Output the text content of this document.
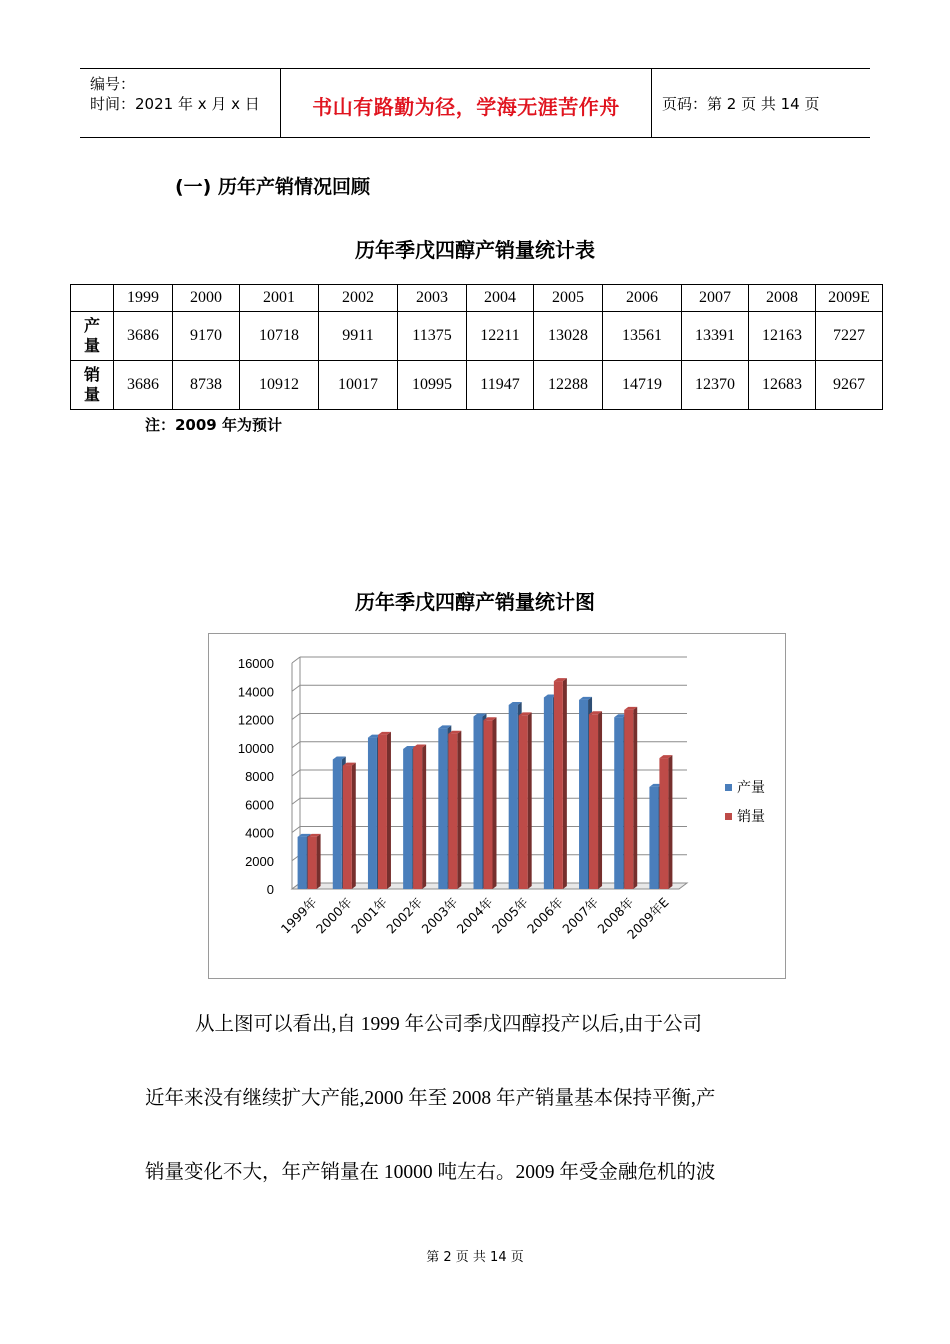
编号：
时间：2021 年 x 月 x 日	书山有路勤为径，学海无涯苦作舟	页码：第 2 页 共 14 页
(一) 历年产销情况回顾
历年季戊四醇产销量统计表
	1999	2000	2001	2002	2003	2004	2005	2006	2007	2008	2009E
产
量	3686	9170	10718	9911	11375	12211	13028	13561	13391	12163	7227
销
量	3686	8738	10912	10017	10995	11947	12288	14719	12370	12683	9267
注：2009 年为预计
历年季戊四醇产销量统计图
0
2000
4000
6000
8000
10000
12000
14000
16000
1999年
2000年
2001年
2002年
2003年
2004年
2005年
2006年
2007年
2008年
2009年E
产量
销量
从上图可以看出,自 1999 年公司季戊四醇投产以后,由于公司
近年来没有继续扩大产能,2000 年至 2008 年产销量基本保持平衡,产
销量变化不大，年产销量在 10000 吨左右。2009 年受金融危机的波
第 2 页 共 14 页
